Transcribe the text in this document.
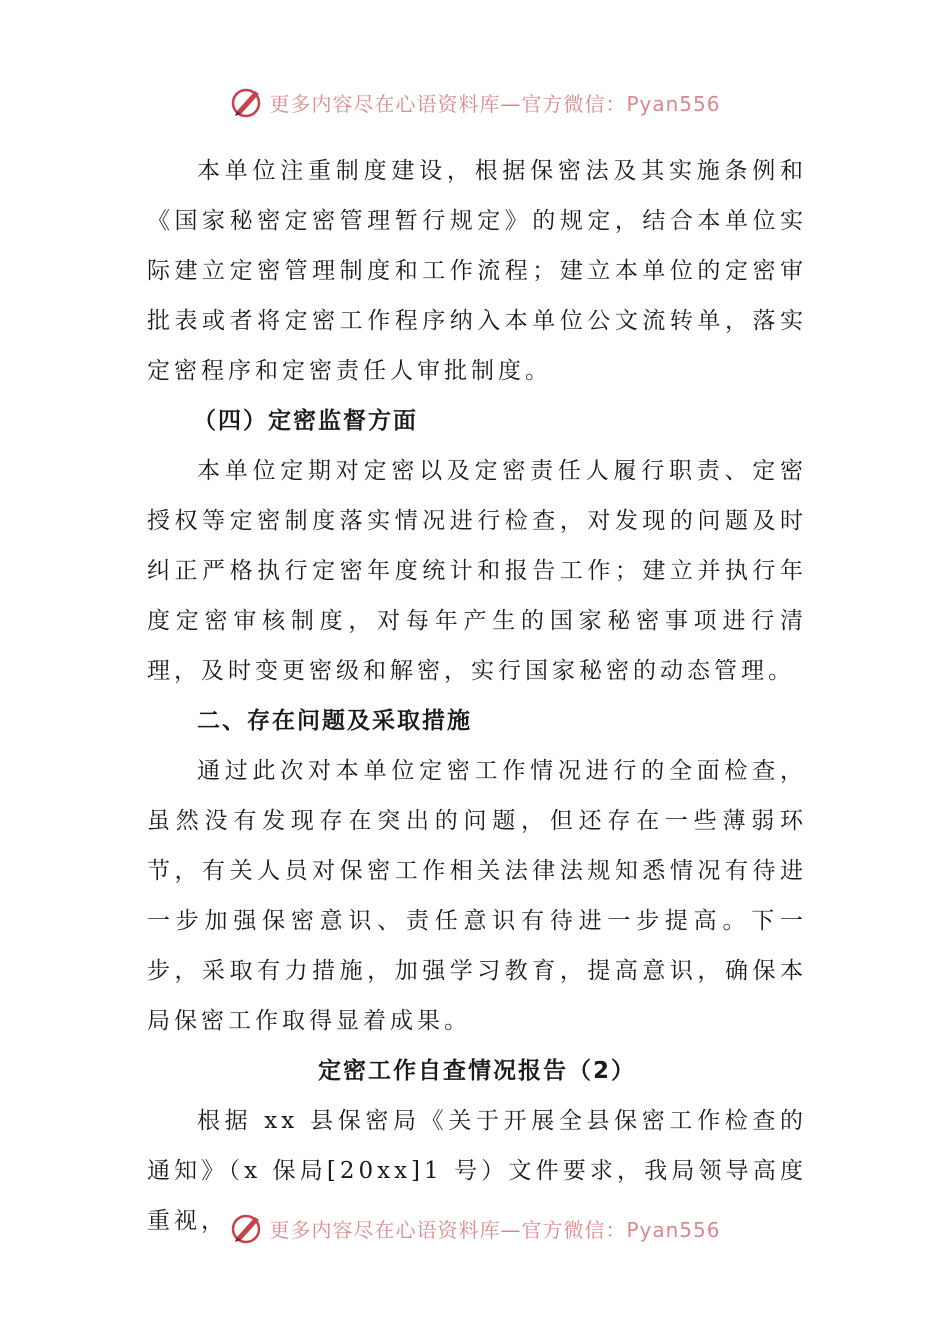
更多内容尽在心语资料库—官方微信：Pyan556

本单位注重制度建设，根据保密法及其实施条例和《国家秘密定密管理暂行规定》的规定，结合本单位实际建立定密管理制度和工作流程；建立本单位的定密审批表或者将定密工作程序纳入本单位公文流转单，落实定密程序和定密责任人审批制度。

（四）定密监督方面

本单位定期对定密以及定密责任人履行职责、定密授权等定密制度落实情况进行检查，对发现的问题及时纠正严格执行定密年度统计和报告工作；建立并执行年度定密审核制度，对每年产生的国家秘密事项进行清理，及时变更密级和解密，实行国家秘密的动态管理。

二、存在问题及采取措施

通过此次对本单位定密工作情况进行的全面检查，虽然没有发现存在突出的问题，但还存在一些薄弱环节，有关人员对保密工作相关法律法规知悉情况有待进一步加强保密意识、责任意识有待进一步提高。下一步，采取有力措施，加强学习教育，提高意识，确保本局保密工作取得显着成果。

定密工作自查情况报告（2）

根据 xx 县保密局《关于开展全县保密工作检查的通知》（x 保局[20xx]1 号）文件要求，我局领导高度重视，	更多内容尽在心语资料库—官方微信：Pyan556
